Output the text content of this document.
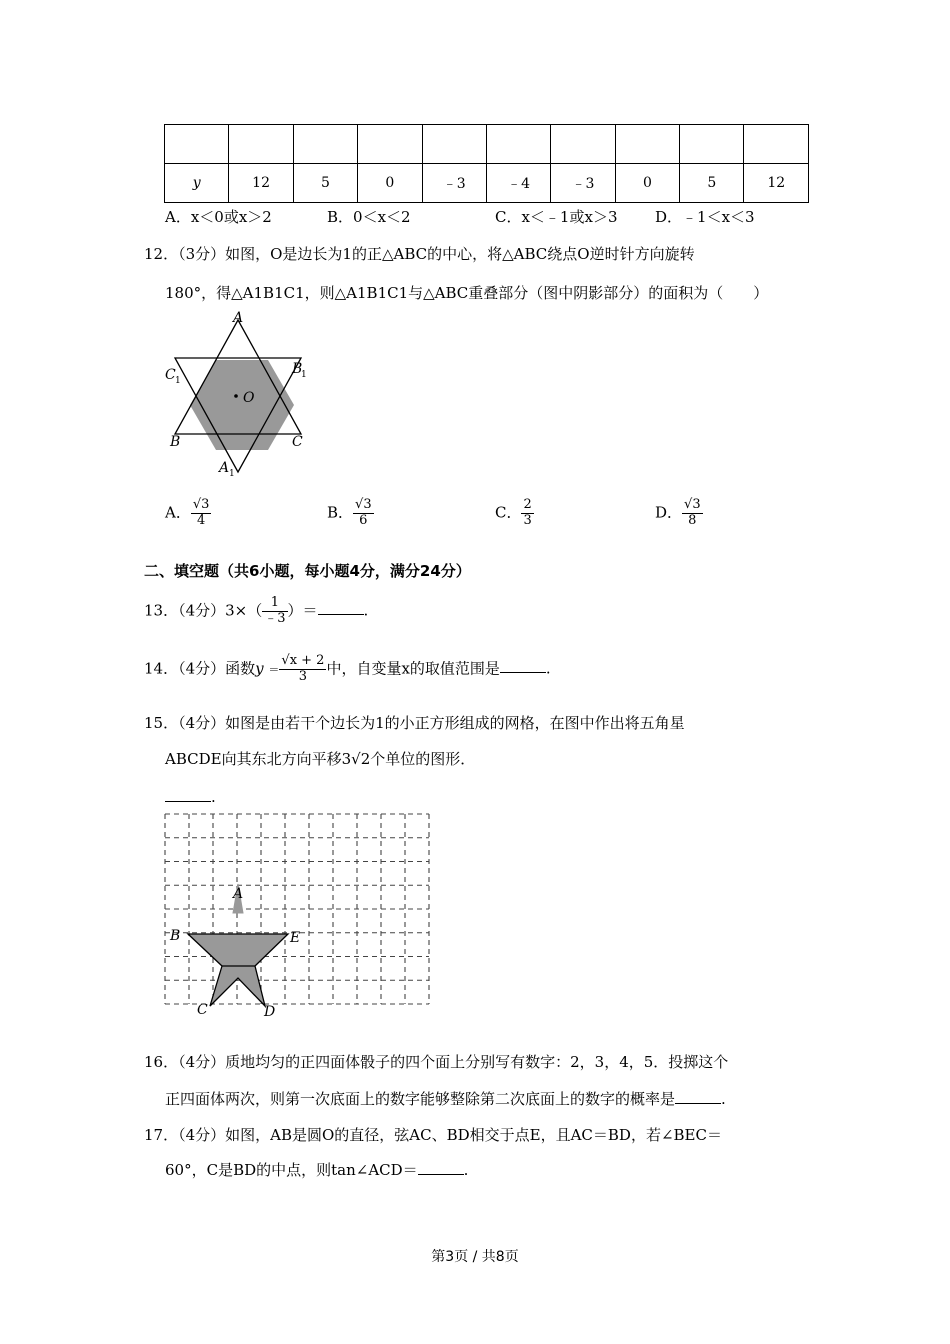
y	12	5	0	﹣3	﹣4	﹣3	0	5	12
A．x＜0或x＞2	B．0＜x＜2	C．x＜﹣1或x＞3	D．﹣1＜x＜3
12．（3分）如图，O是边长为1的正△ABC的中心，将△ABC绕点O逆时针方向旋转
180°，得△A1B1C1，则△A1B1C1与△ABC重叠部分（图中阴影部分）的面积为（　　）
O
A
B	C
A 1
B
1
C 1
A． $\frac{√3}{4}$	B． $\frac{√3}{6}$	C． $\frac{2}{3}$	D． $\frac{√3}{8}$
二、填空题（共6小题，每小题4分，满分24分）
13．（4分）$3\times( \frac{1}{﹣3}$ ）＝	.
14．（4分）函数$y = \frac{√x + 2}{3}$ 中，自变量x的取值范围是	.
15．（4分）如图是由若干个边长为1的小正方形组成的网格，在图中作出将五角星
ABCDE向其东北方向平移3√2个单位的图形．
.
A
B	E
C	D
16．（4分）质地均匀的正四面体骰子的四个面上分别写有数字：2，3，4，5．投掷这个
正四面体两次，则第一次底面上的数字能够整除第二次底面上的数字的概率是	.
17．（4分）如图，AB是圆O的直径，弦AC、BD相交于点E，且AC＝BD，若∠BEC＝
60°，C是BD的中点，则tan∠ACD＝	.
第3页 / 共8页
